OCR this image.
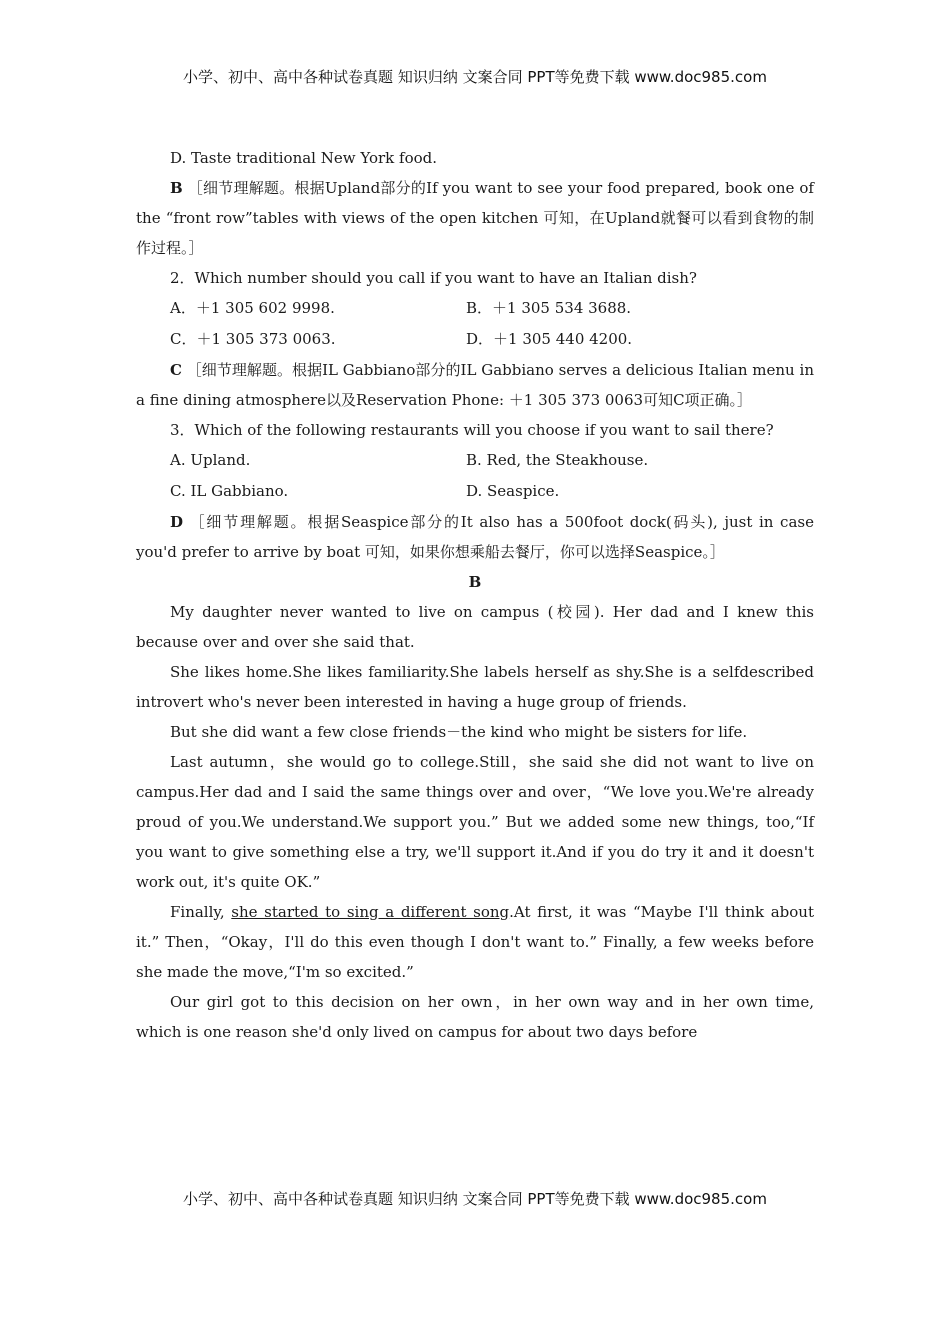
小学、初中、高中各种试卷真题 知识归纳 文案合同 PPT等免费下载 www.doc985.com

D. Taste traditional New York food.

B ［细节理解题。根据Upland部分的If you want to see your food prepared, book one of the “front row”tables with views of the open kitchen 可知，在Upland就餐可以看到食物的制作过程。］

2．Which number should you call if you want to have an Italian dish?

A．＋1 305 602 9998.	B．＋1 305 534 3688.
C．＋1 305 373 0063.	D．＋1 305 440 4200.

C ［细节理解题。根据IL Gabbiano部分的IL Gabbiano serves a delicious Italian menu in a fine dining atmosphere以及Reservation Phone: ＋1 305 373 0063可知C项正确。］

3．Which of the following restaurants will you choose if you want to sail there?

A. Upland.	B. Red, the Steakhouse.
C. IL Gabbiano.	D. Seaspice.

D ［细节理解题。根据Seaspice部分的It also has a 500foot dock(码头), just in case you'd prefer to arrive by boat 可知，如果你想乘船去餐厅，你可以选择Seaspice。］

B

My daughter never wanted to live on campus (校园). Her dad and I knew this because over and over she said that.

She likes home.She likes familiarity.She labels herself as shy.She is a selfdescribed introvert who's never been interested in having a huge group of friends.

But she did want a few close friends－the kind who might be sisters for life.

Last autumn，she would go to college.Still，she said she did not want to live on campus.Her dad and I said the same things over and over，“We love you.We're already proud of you.We understand.We support you.” But we added some new things, too,“If you want to give something else a try, we'll support it.And if you do try it and it doesn't work out, it's quite OK.”

Finally, she started to sing a different song.At first, it was “Maybe I'll think about it.” Then，“Okay，I'll do this even though I don't want to.” Finally, a few weeks before she made the move,“I'm so excited.”

Our girl got to this decision on her own，in her own way and in her own time, which is one reason she'd only lived on campus for about two days before

小学、初中、高中各种试卷真题 知识归纳 文案合同 PPT等免费下载 www.doc985.com
